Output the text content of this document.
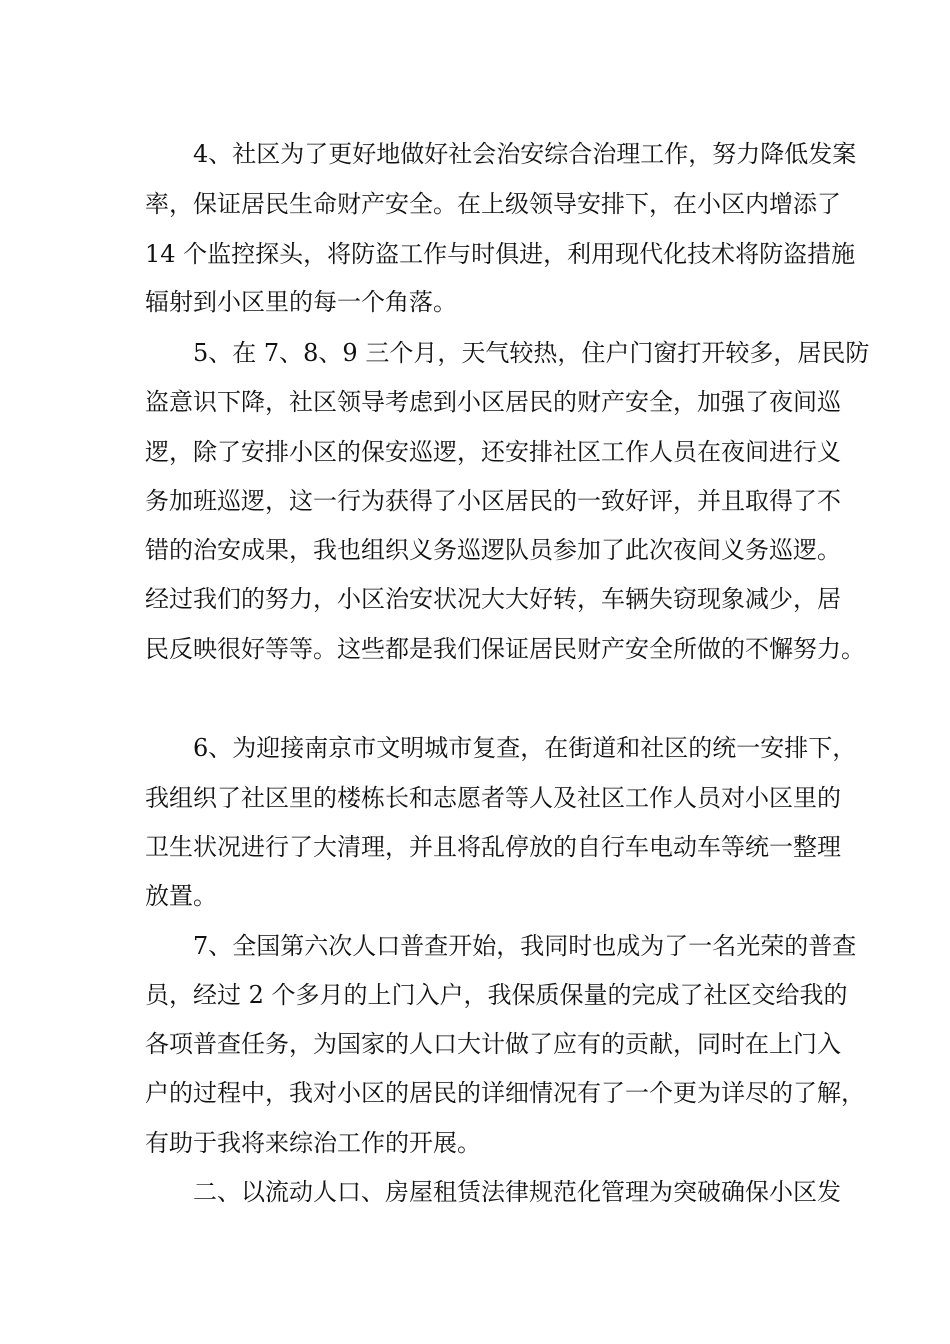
4、社区为了更好地做好社会治安综合治理工作，努力降低发案
率，保证居民生命财产安全。在上级领导安排下，在小区内增添了
14 个监控探头，将防盗工作与时俱进，利用现代化技术将防盗措施
辐射到小区里的每一个角落。
5、在 7、8、9 三个月，天气较热，住户门窗打开较多，居民防
盗意识下降，社区领导考虑到小区居民的财产安全，加强了夜间巡
逻，除了安排小区的保安巡逻，还安排社区工作人员在夜间进行义
务加班巡逻，这一行为获得了小区居民的一致好评，并且取得了不
错的治安成果，我也组织义务巡逻队员参加了此次夜间义务巡逻。
经过我们的努力，小区治安状况大大好转，车辆失窃现象减少，居
民反映很好等等。这些都是我们保证居民财产安全所做的不懈努力。
6、为迎接南京市文明城市复查，在街道和社区的统一安排下，
我组织了社区里的楼栋长和志愿者等人及社区工作人员对小区里的
卫生状况进行了大清理，并且将乱停放的自行车电动车等统一整理
放置。
7、全国第六次人口普查开始，我同时也成为了一名光荣的普查
员，经过 2 个多月的上门入户，我保质保量的完成了社区交给我的
各项普查任务，为国家的人口大计做了应有的贡献，同时在上门入
户的过程中，我对小区的居民的详细情况有了一个更为详尽的了解，
有助于我将来综治工作的开展。
二、以流动人口、房屋租赁法律规范化管理为突破确保小区发
